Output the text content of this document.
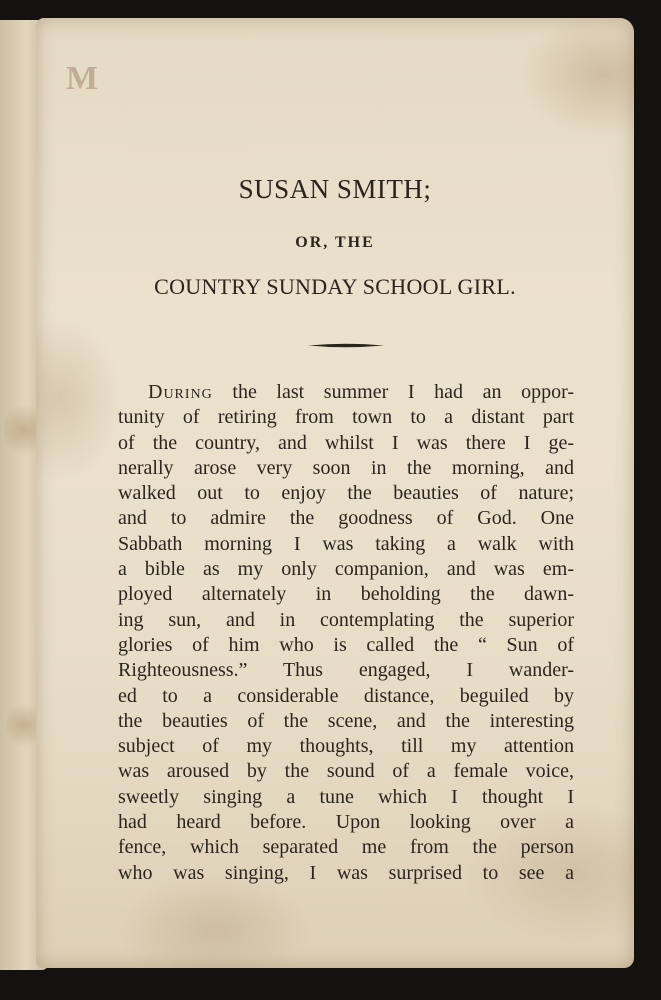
M
SUSAN SMITH;
OR, THE
COUNTRY SUNDAY SCHOOL GIRL.
During the last summer I had an oppor-
tunity of retiring from town to a distant part
of the country, and whilst I was there I ge-
nerally arose very soon in the morning, and
walked out to enjoy the beauties of nature;
and to admire the goodness of God. One
Sabbath morning I was taking a walk with
a bible as my only companion, and was em-
ployed alternately in beholding the dawn-
ing sun, and in contemplating the superior
glories of him who is called the “ Sun of
Righteousness.” Thus engaged, I wander-
ed to a considerable distance, beguiled by
the beauties of the scene, and the interesting
subject of my thoughts, till my attention
was aroused by the sound of a female voice,
sweetly singing a tune which I thought I
had heard before. Upon looking over a
fence, which separated me from the person
who was singing, I was surprised to see a
